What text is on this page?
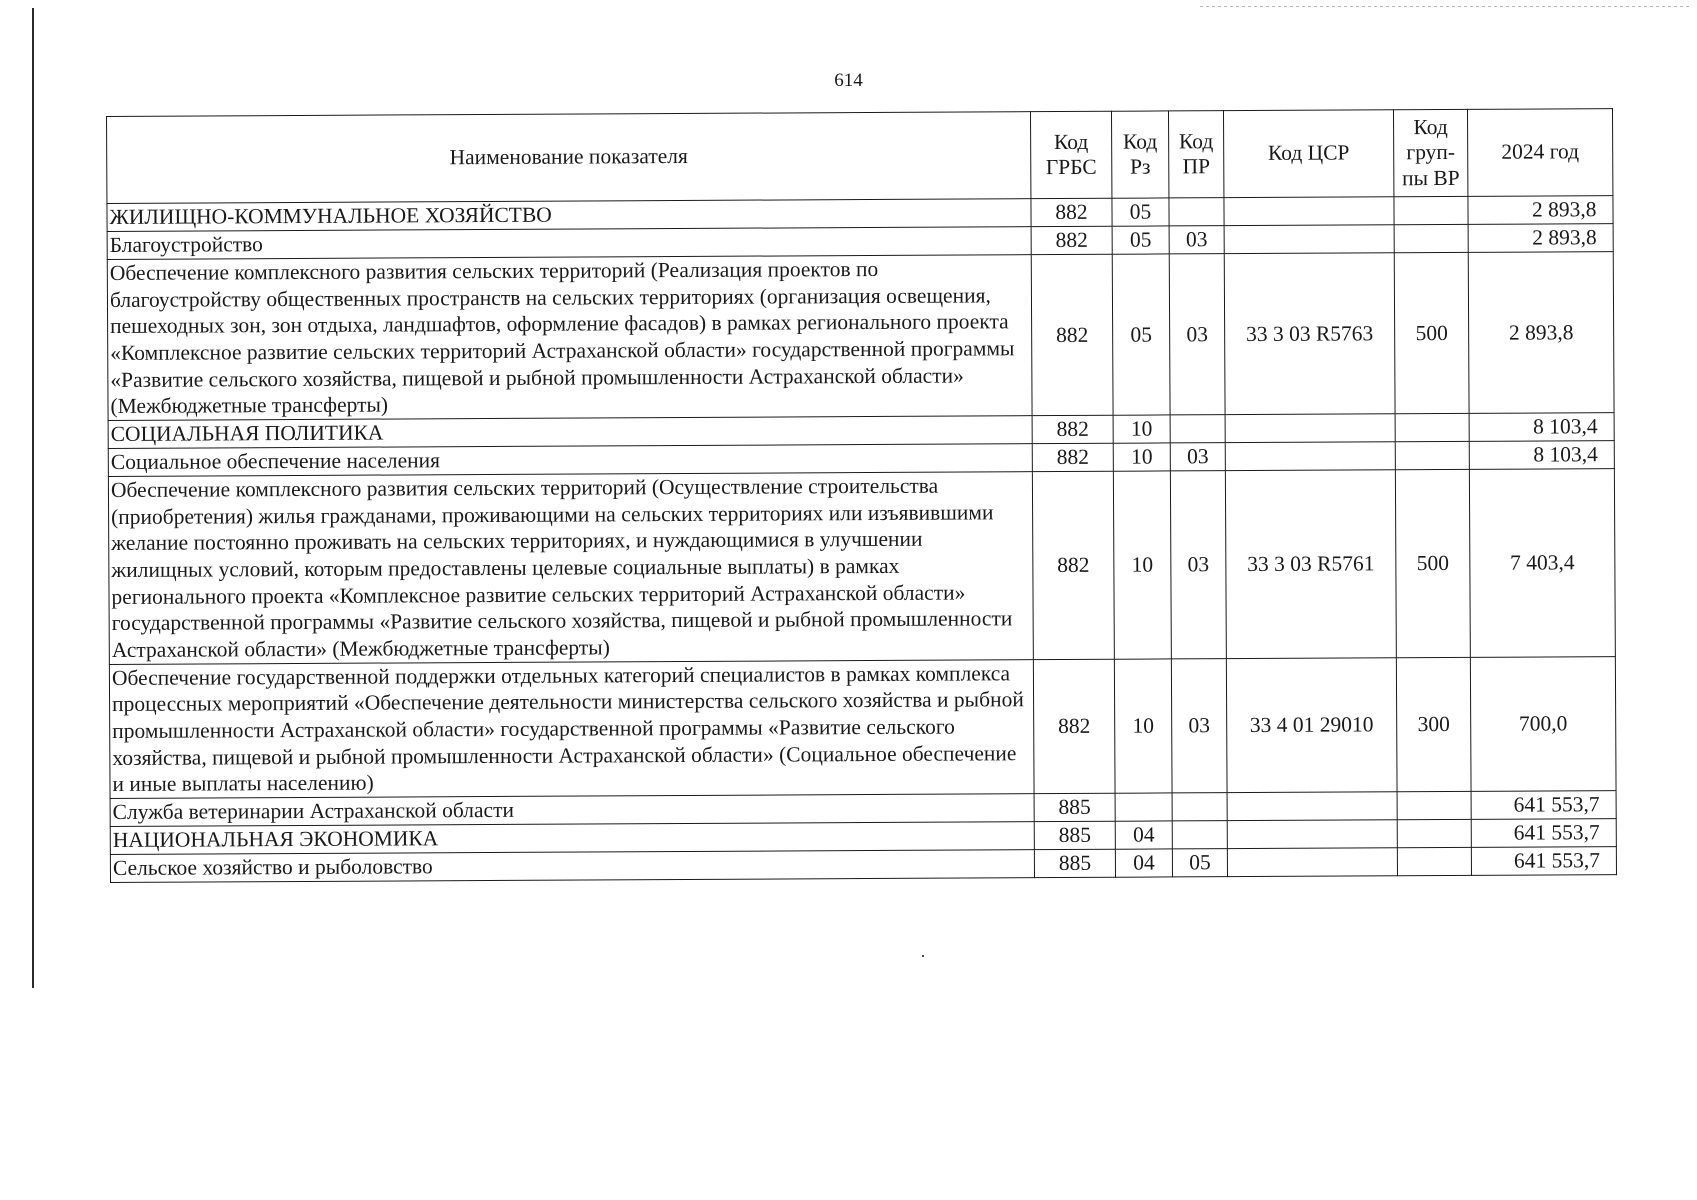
614
Наименование показателя	Код ГРБС	Код Рз	Код ПР	Код ЦСР	Код груп-пы ВР	2024 год
ЖИЛИЩНО-КОММУНАЛЬНОЕ ХОЗЯЙСТВО	882	05				2 893,8
Благоустройство	882	05	03			2 893,8
Обеспечение комплексного развития сельских территорий (Реализация проектов по благоустройству общественных пространств на сельских территориях (организация освещения, пешеходных зон, зон отдыха, ландшафтов, оформление фасадов) в рамках регионального проекта «Комплексное развитие сельских территорий Астраханской области» государственной программы «Развитие сельского хозяйства, пищевой и рыбной промышленности Астраханской области» (Межбюджетные трансферты)	882	05	03	33 3 03 R5763	500	2 893,8
СОЦИАЛЬНАЯ ПОЛИТИКА	882	10				8 103,4
Социальное обеспечение населения	882	10	03			8 103,4
Обеспечение комплексного развития сельских территорий (Осуществление строительства (приобретения) жилья гражданами, проживающими на сельских территориях или изъявившими желание постоянно проживать на сельских территориях, и нуждающимися в улучшении жилищных условий, которым предоставлены целевые социальные выплаты) в рамках регионального проекта «Комплексное развитие сельских территорий Астраханской области» государственной программы «Развитие сельского хозяйства, пищевой и рыбной промышленности Астраханской области» (Межбюджетные трансферты)	882	10	03	33 3 03 R5761	500	7 403,4
Обеспечение государственной поддержки отдельных категорий специалистов в рамках комплекса процессных мероприятий «Обеспечение деятельности министерства сельского хозяйства и рыбной промышленности Астраханской области» государственной программы «Развитие сельского хозяйства, пищевой и рыбной промышленности Астраханской области» (Социальное обеспечение и иные выплаты населению)	882	10	03	33 4 01 29010	300	700,0
Служба ветеринарии Астраханской области	885					641 553,7
НАЦИОНАЛЬНАЯ ЭКОНОМИКА	885	04				641 553,7
Сельское хозяйство и рыболовство	885	04	05			641 553,7
